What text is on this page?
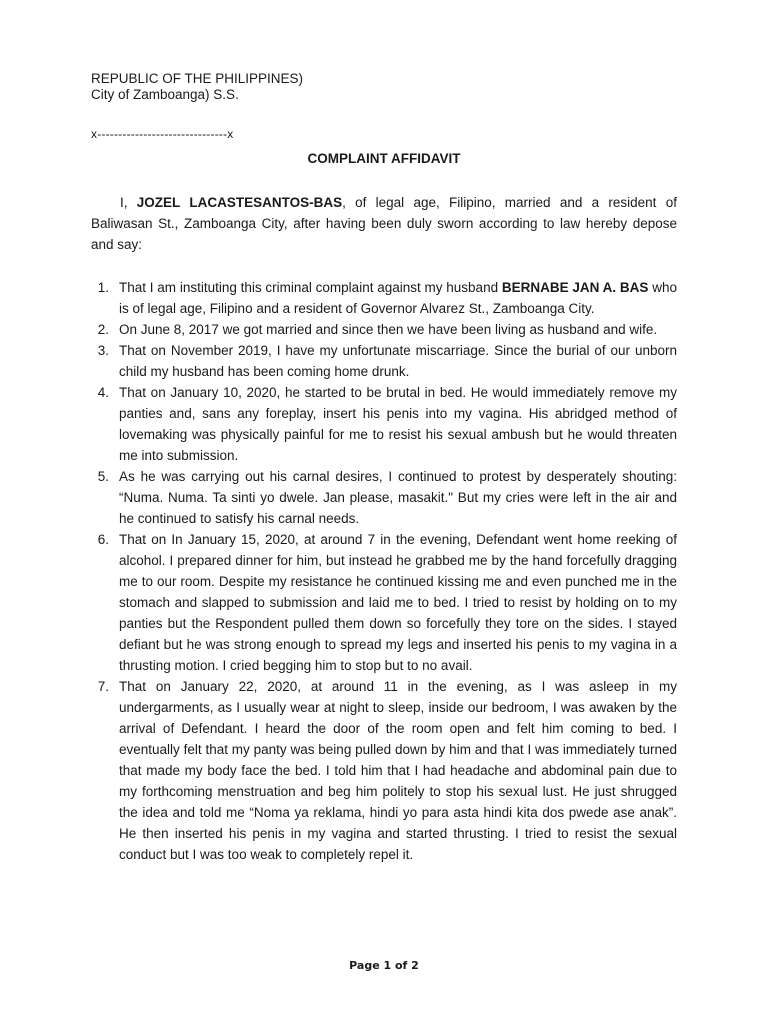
REPUBLIC OF THE PHILIPPINES)
City of Zamboanga) S.S.
x-------------------------------x
COMPLAINT AFFIDAVIT

I, JOZEL LACASTESANTOS-BAS, of legal age, Filipino, married and a resident of Baliwasan St., Zamboanga City, after having been duly sworn according to law hereby depose and say:

1. That I am instituting this criminal complaint against my husband BERNABE JAN A. BAS who is of legal age, Filipino and a resident of Governor Alvarez St., Zamboanga City.
2. On June 8, 2017 we got married and since then we have been living as husband and wife.
3. That on November 2019, I have my unfortunate miscarriage. Since the burial of our unborn child my husband has been coming home drunk.
4. That on January 10, 2020, he started to be brutal in bed. He would immediately remove my panties and, sans any foreplay, insert his penis into my vagina. His abridged method of lovemaking was physically painful for me to resist his sexual ambush but he would threaten me into submission.
5. As he was carrying out his carnal desires, I continued to protest by desperately shouting: “Numa. Numa. Ta sinti yo dwele. Jan please, masakit." But my cries were left in the air and he continued to satisfy his carnal needs.
6. That on In January 15, 2020, at around 7 in the evening, Defendant went home reeking of alcohol. I prepared dinner for him, but instead he grabbed me by the hand forcefully dragging me to our room. Despite my resistance he continued kissing me and even punched me in the stomach and slapped to submission and laid me to bed. I tried to resist by holding on to my panties but the Respondent pulled them down so forcefully they tore on the sides. I stayed defiant but he was strong enough to spread my legs and inserted his penis to my vagina in a thrusting motion. I cried begging him to stop but to no avail.
7. That on January 22, 2020, at around 11 in the evening, as I was asleep in my undergarments, as I usually wear at night to sleep, inside our bedroom, I was awaken by the arrival of Defendant. I heard the door of the room open and felt him coming to bed. I eventually felt that my panty was being pulled down by him and that I was immediately turned that made my body face the bed. I told him that I had headache and abdominal pain due to my forthcoming menstruation and beg him politely to stop his sexual lust. He just shrugged the idea and told me “Noma ya reklama, hindi yo para asta hindi kita dos pwede ase anak”. He then inserted his penis in my vagina and started thrusting. I tried to resist the sexual conduct but I was too weak to completely repel it.
Page 1 of 2
